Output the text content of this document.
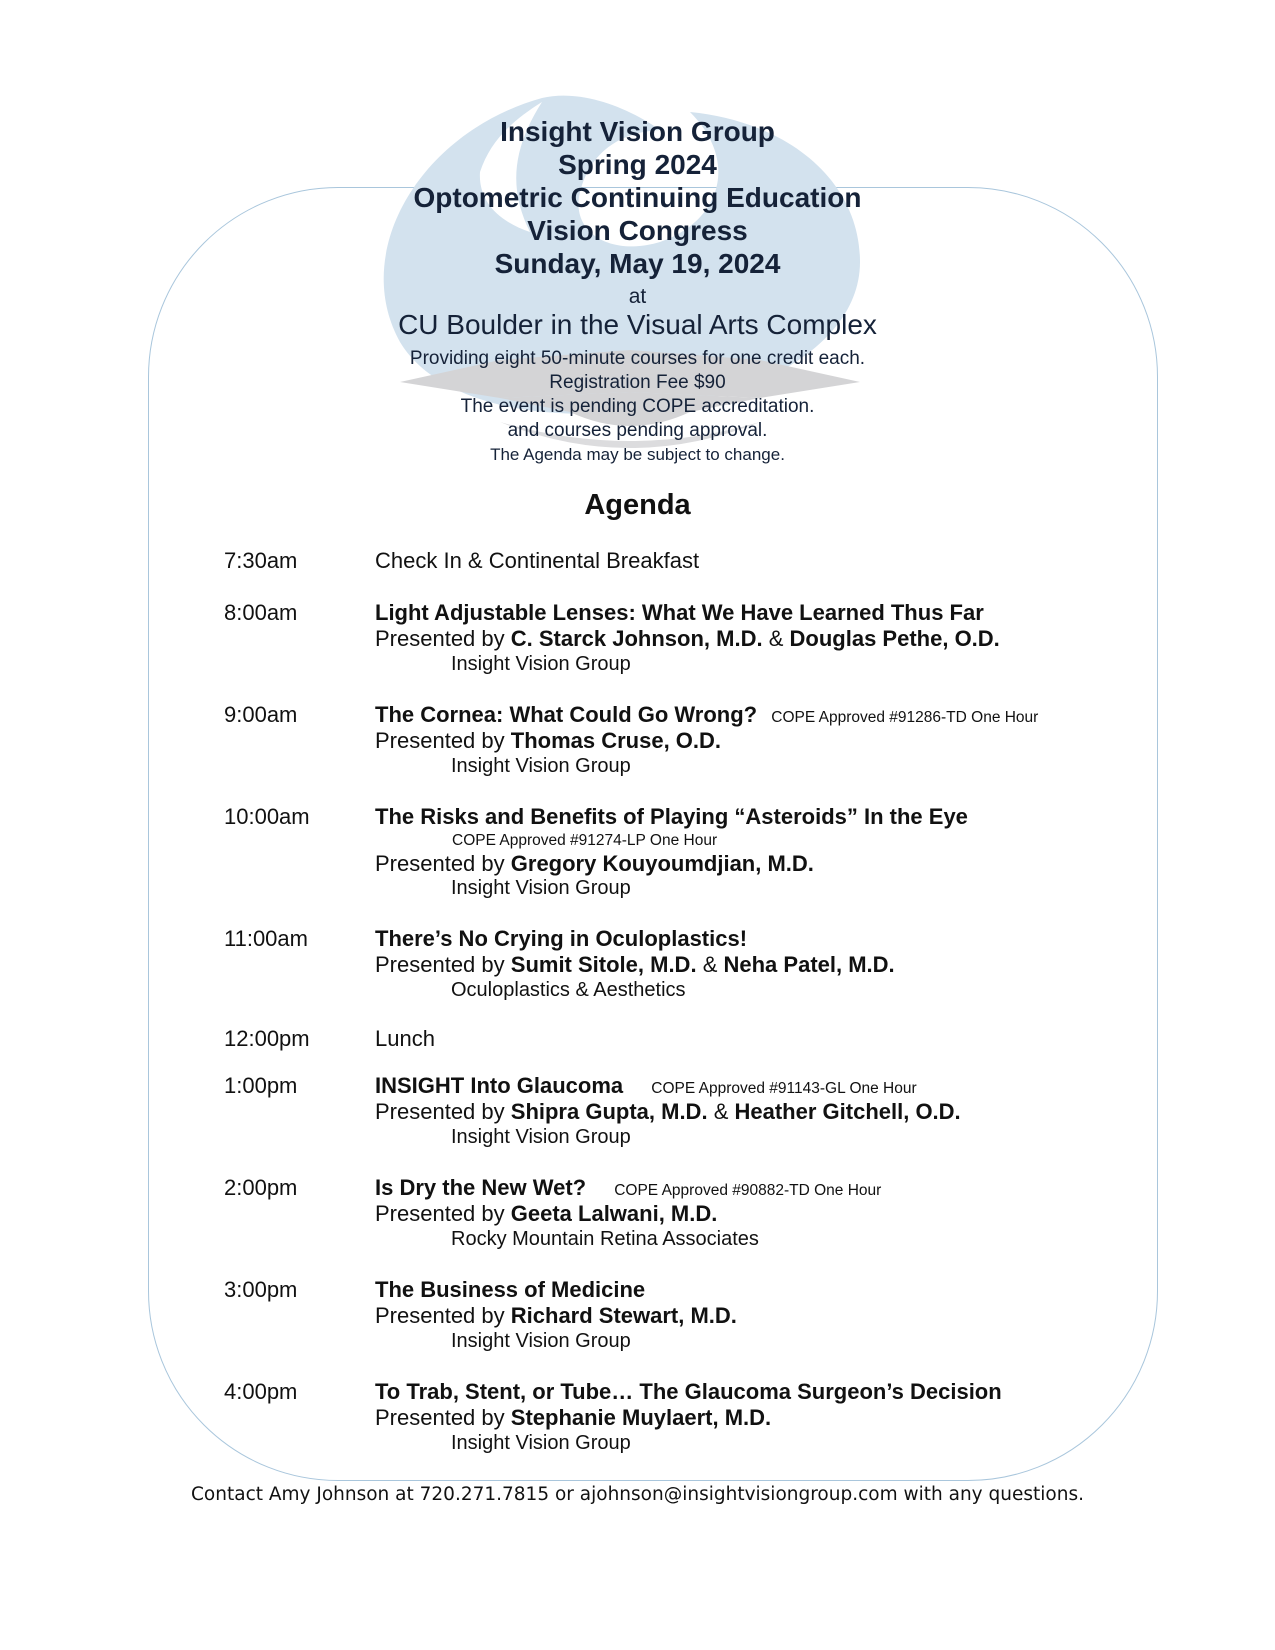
Insight Vision Group

Spring 2024

Optometric Continuing Education

Vision Congress

Sunday, May 19, 2024

at

CU Boulder in the Visual Arts Complex

Providing eight 50-minute courses for one credit each.

Registration Fee $90

The event is pending COPE accreditation.

and courses pending approval.

The Agenda may be subject to change.

Agenda

7:30am	Check In & Continental Breakfast
8:00am	Light Adjustable Lenses: What We Have Learned Thus Far
Presented by C. Starck Johnson, M.D. & Douglas Pethe, O.D.
Insight Vision Group
9:00am	The Cornea: What Could Go Wrong? COPE Approved #91286-TD One Hour
Presented by Thomas Cruse, O.D.
Insight Vision Group
10:00am	The Risks and Benefits of Playing “Asteroids” In the Eye
COPE Approved #91274-LP One Hour
Presented by Gregory Kouyoumdjian, M.D.
Insight Vision Group
11:00am	There’s No Crying in Oculoplastics!
Presented by Sumit Sitole, M.D. & Neha Patel, M.D.
Oculoplastics & Aesthetics
12:00pm	Lunch
1:00pm	INSIGHT Into Glaucoma COPE Approved #91143-GL One Hour
Presented by Shipra Gupta, M.D. & Heather Gitchell, O.D.
Insight Vision Group
2:00pm	Is Dry the New Wet? COPE Approved #90882-TD One Hour
Presented by Geeta Lalwani, M.D.
Rocky Mountain Retina Associates
3:00pm	The Business of Medicine
Presented by Richard Stewart, M.D.
Insight Vision Group
4:00pm	To Trab, Stent, or Tube… The Glaucoma Surgeon’s Decision
Presented by Stephanie Muylaert, M.D.
Insight Vision Group
Contact Amy Johnson at 720.271.7815 or ajohnson@insightvisiongroup.com with any questions.
